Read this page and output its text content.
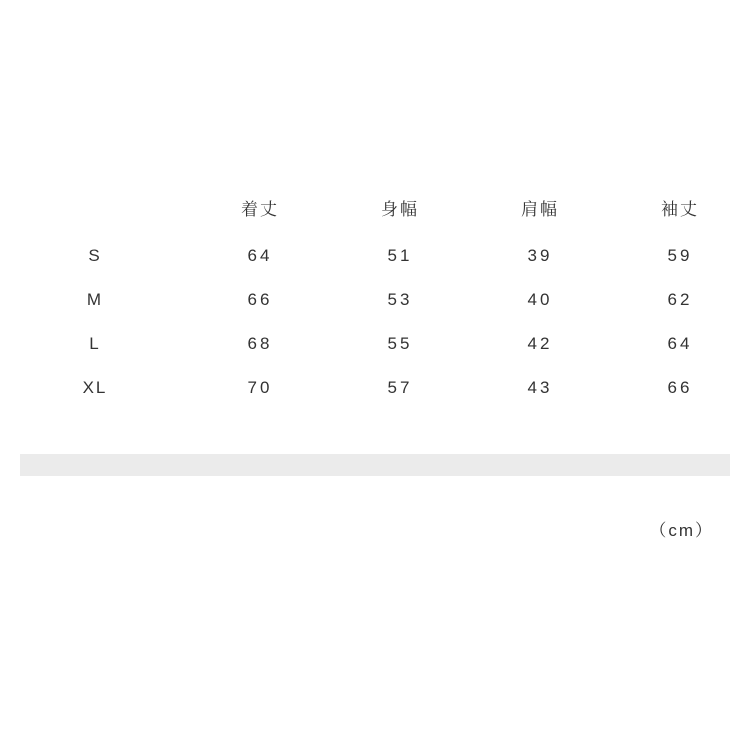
	着丈	身幅	肩幅	袖丈
S	64	51	39	59
M	66	53	40	62
L	68	55	42	64
XL	70	57	43	66
（cm）
